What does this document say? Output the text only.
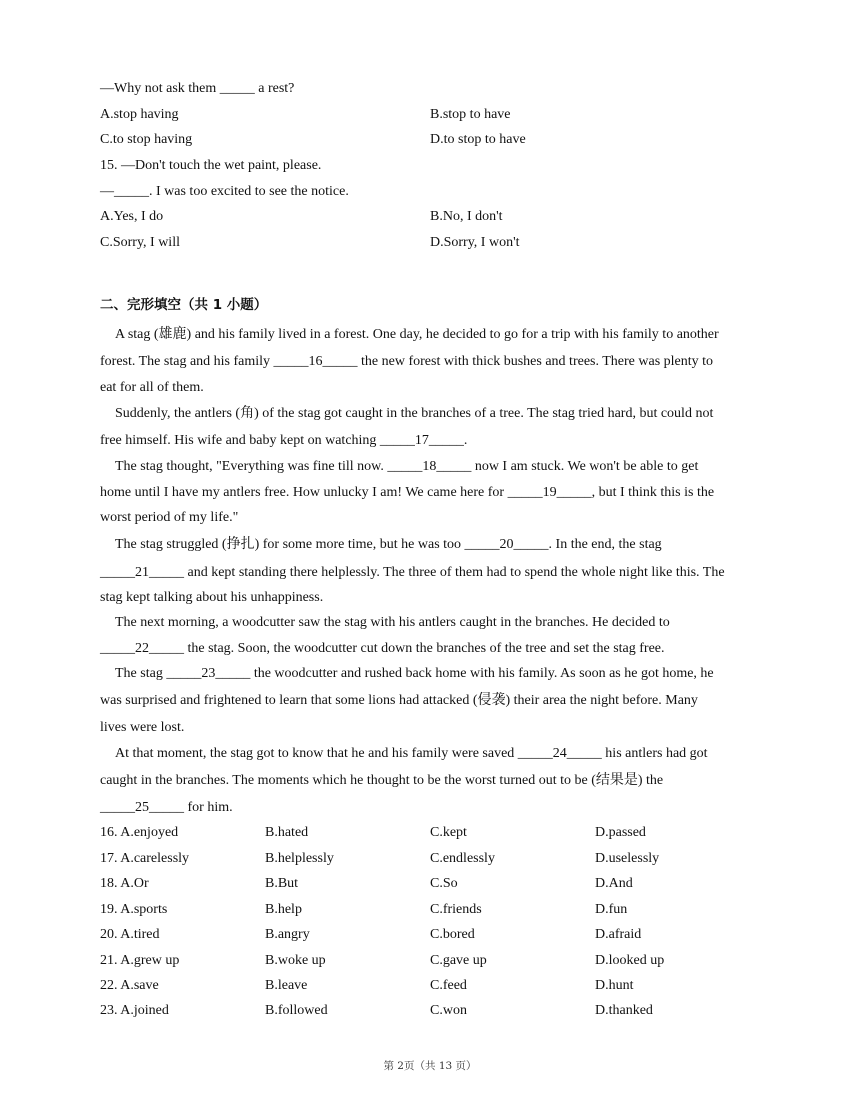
—Why not ask them _____ a rest?
A.stop having	B.stop to have
C.to stop having	D.to stop to have
15. —Don't touch the wet paint, please.
—_____. I was too excited to see the notice.
A.Yes, I do	B.No, I don't
C.Sorry, I will	D.Sorry, I won't
二、完形填空（共 1 小题）
A stag (雄鹿) and his family lived in a forest. One day, he decided to go for a trip with his family to another
forest. The stag and his family _____16_____ the new forest with thick bushes and trees. There was plenty to
eat for all of them.
Suddenly, the antlers (角) of the stag got caught in the branches of a tree. The stag tried hard, but could not
free himself. His wife and baby kept on watching _____17_____.
The stag thought, "Everything was fine till now. _____18_____ now I am stuck. We won't be able to get
home until I have my antlers free. How unlucky I am! We came here for _____19_____, but I think this is the
worst period of my life."
The stag struggled (挣扎) for some more time, but he was too _____20_____. In the end, the stag
_____21_____ and kept standing there helplessly. The three of them had to spend the whole night like this. The
stag kept talking about his unhappiness.
The next morning, a woodcutter saw the stag with his antlers caught in the branches. He decided to
_____22_____ the stag. Soon, the woodcutter cut down the branches of the tree and set the stag free.
The stag _____23_____ the woodcutter and rushed back home with his family. As soon as he got home, he
was surprised and frightened to learn that some lions had attacked (侵袭) their area the night before. Many
lives were lost.
At that moment, the stag got to know that he and his family were saved _____24_____ his antlers had got
caught in the branches. The moments which he thought to be the worst turned out to be (结果是) the
_____25_____ for him.
16. A.enjoyed	B.hated	C.kept	D.passed
17. A.carelessly	B.helplessly	C.endlessly	D.uselessly
18. A.Or	B.But	C.So	D.And
19. A.sports	B.help	C.friends	D.fun
20. A.tired	B.angry	C.bored	D.afraid
21. A.grew up	B.woke up	C.gave up	D.looked up
22. A.save	B.leave	C.feed	D.hunt
23. A.joined	B.followed	C.won	D.thanked
第 2页（共 13 页）
